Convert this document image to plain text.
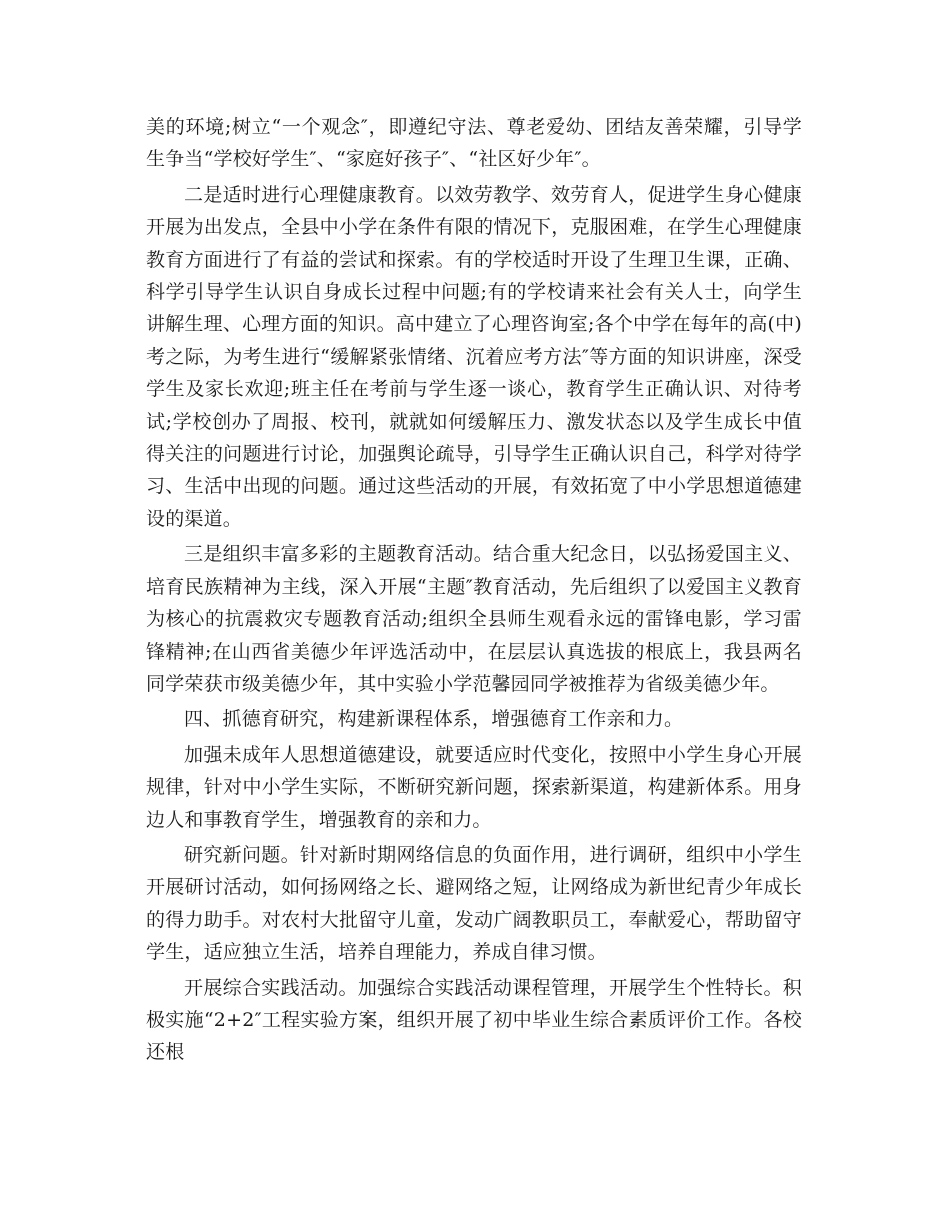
美的环境;树立“一个观念″，即遵纪守法、尊老爱幼、团结友善荣耀，引导学生争当“学校好学生″、“家庭好孩子″、“社区好少年″。

二是适时进行心理健康教育。以效劳教学、效劳育人，促进学生身心健康开展为出发点，全县中小学在条件有限的情况下，克服困难，在学生心理健康教育方面进行了有益的尝试和探索。有的学校适时开设了生理卫生课，正确、科学引导学生认识自身成长过程中问题;有的学校请来社会有关人士，向学生讲解生理、心理方面的知识。高中建立了心理咨询室;各个中学在每年的高(中)考之际，为考生进行“缓解紧张情绪、沉着应考方法″等方面的知识讲座，深受学生及家长欢迎;班主任在考前与学生逐一谈心，教育学生正确认识、对待考试;学校创办了周报、校刊，就就如何缓解压力、激发状态以及学生成长中值得关注的问题进行讨论，加强舆论疏导，引导学生正确认识自己，科学对待学习、生活中出现的问题。通过这些活动的开展，有效拓宽了中小学思想道德建设的渠道。

三是组织丰富多彩的主题教育活动。结合重大纪念日，以弘扬爱国主义、培育民族精神为主线，深入开展“主题″教育活动，先后组织了以爱国主义教育为核心的抗震救灾专题教育活动;组织全县师生观看永远的雷锋电影，学习雷锋精神;在山西省美德少年评选活动中，在层层认真选拔的根底上，我县两名同学荣获市级美德少年，其中实验小学范馨园同学被推荐为省级美德少年。

四、抓德育研究，构建新课程体系，增强德育工作亲和力。

加强未成年人思想道德建设，就要适应时代变化，按照中小学生身心开展规律，针对中小学生实际，不断研究新问题，探索新渠道，构建新体系。用身边人和事教育学生，增强教育的亲和力。

研究新问题。针对新时期网络信息的负面作用，进行调研，组织中小学生开展研讨活动，如何扬网络之长、避网络之短，让网络成为新世纪青少年成长的得力助手。对农村大批留守儿童，发动广阔教职员工，奉献爱心，帮助留守学生，适应独立生活，培养自理能力，养成自律习惯。

开展综合实践活动。加强综合实践活动课程管理，开展学生个性特长。积极实施“2+2″工程实验方案，组织开展了初中毕业生综合素质评价工作。各校还根
